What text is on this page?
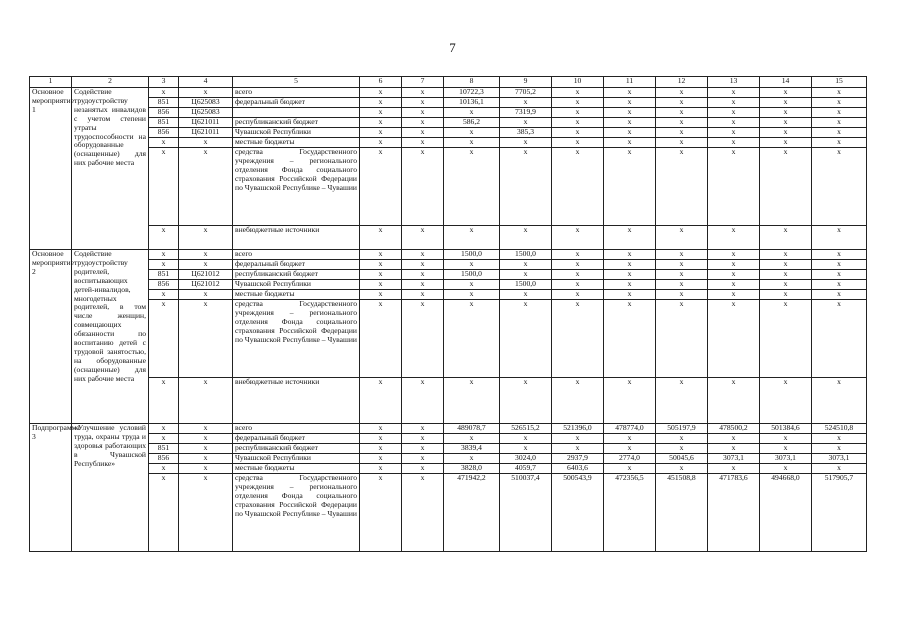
7
1	2	3	4	5	6	7	8	9	10	11	12	13	14	15
Основное мероприятие 1	Содействие трудоустройству незанятых инвалидов с учетом степени утраты трудоспособности на оборудованные (оснащенные) для них рабочие места	х	х	всего	х	х	10722,3	7705,2	х	х	х	х	х	х
		851	Ц625083	федеральный бюджет	х	х	10136,1	х	х	х	х	х	х	х
		856	Ц625083		х	х	х	7319,9	х	х	х	х	х	х
		851	Ц621011	республиканский бюджет	х	х	586,2	х	х	х	х	х	х	х
		856	Ц621011	Чувашской Республики	х	х	х	385,3	х	х	х	х	х	х
		х	х	местные бюджеты	х	х	х	х	х	х	х	х	х	х
		х	х	средства Государственного учреждения – регионального отделения Фонда социального страхования Российской Федерации по Чувашской Республике – Чувашии	х	х	х	х	х	х	х	х	х	х
		х	х	внебюджетные источники	х	х	х	х	х	х	х	х	х	х
Основное мероприятие 2	Содействие трудоустройству родителей, воспитывающих детей-инвалидов, многодетных родителей, в том числе женщин, совмещающих обязанности по воспитанию детей с трудовой занятостью, на оборудованные (оснащенные) для них рабочие места	х	х	всего	х	х	1500,0	1500,0	х	х	х	х	х	х
		х	х	федеральный бюджет	х	х	х	х	х	х	х	х	х	х
		851	Ц621012	республиканский бюджет	х	х	1500,0	х	х	х	х	х	х	х
		856	Ц621012	Чувашской Республики	х	х	х	1500,0	х	х	х	х	х	х
		х	х	местные бюджеты	х	х	х	х	х	х	х	х	х	х
		х	х	средства Государственного учреждения – регионального отделения Фонда социального страхования Российской Федерации по Чувашской Республике – Чувашии	х	х	х	х	х	х	х	х	х	х
		х	х	внебюджетные источники	х	х	х	х	х	х	х	х	х	х
Подпрограмма 3	«Улучшение условий труда, охраны труда и здоровья работающих в Чувашской Республике»	х	х	всего	х	х	489078,7	526515,2	521396,0	478774,0	505197,9	478500,2	501384,6	524510,8
		х	х	федеральный бюджет	х	х	х	х	х	х	х	х	х	х
		851	х	республиканский бюджет	х	х	3839,4	х	х	х	х	х	х	х
		856	х	Чувашской Республики	х	х	х	3024,0	2937,9	2774,0	50045,6	3073,1	3073,1	3073,1
		х	х	местные бюджеты	х	х	3828,0	4059,7	6403,6	х	х	х	х	х
		х	х	средства Государственного учреждения – регионального отделения Фонда социального страхования Российской Федерации по Чувашской Республике – Чувашии	х	х	471942,2	510037,4	500543,9	472356,5	451508,8	471783,6	494668,0	517905,7
